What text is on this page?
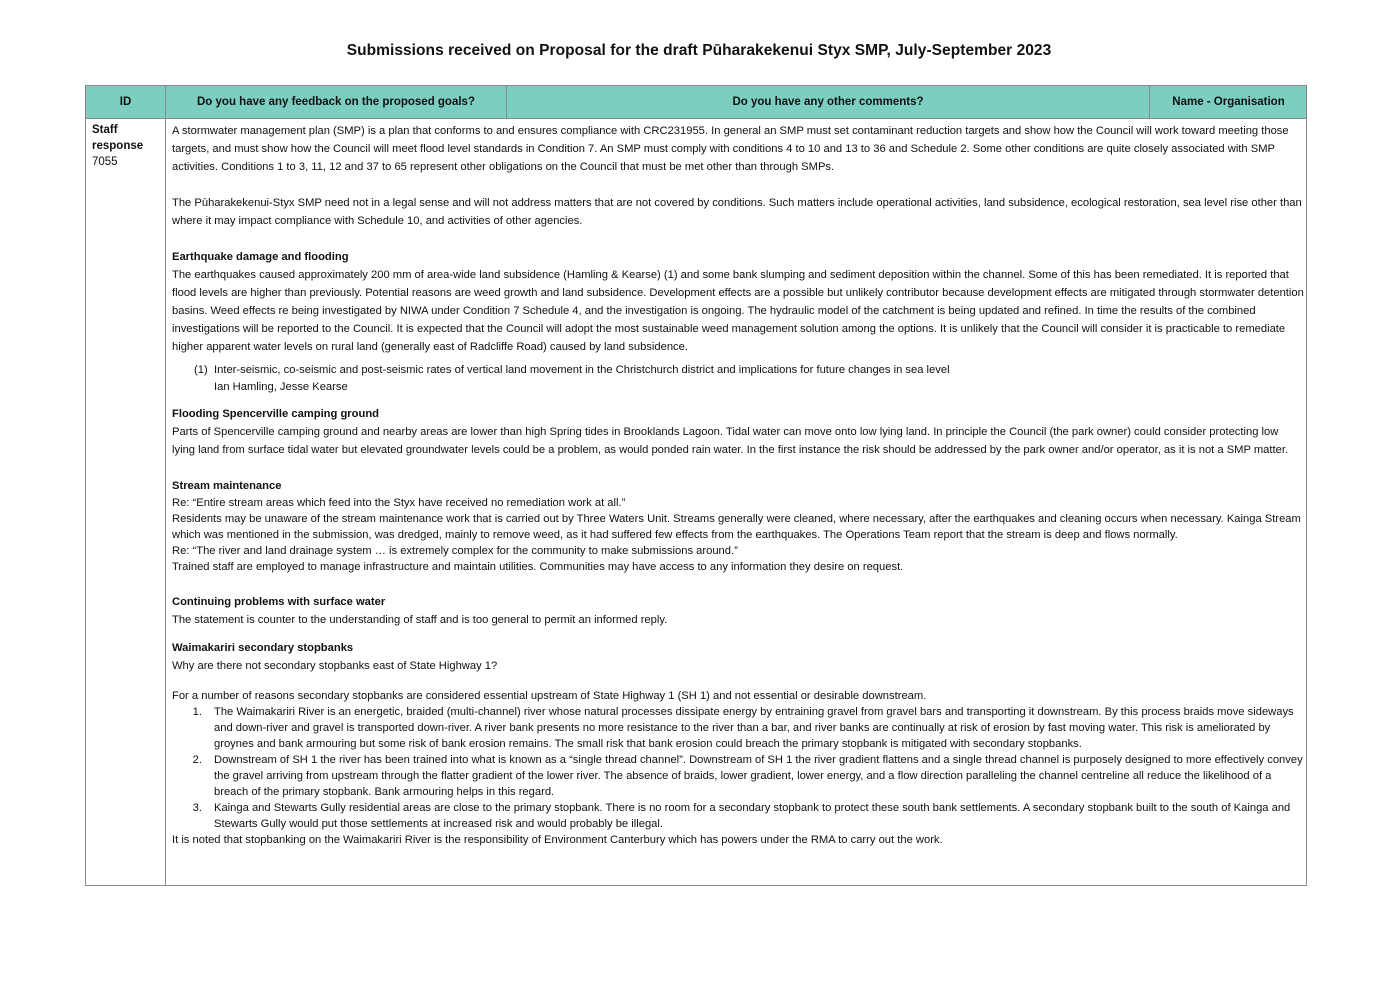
Submissions received on Proposal for the draft Pūharakekenui Styx SMP, July-September 2023
ID	Do you have any feedback on the proposed goals?	Do you have any other comments?	Name - Organisation
Staff
response
7055

A stormwater management plan (SMP) is a plan that conforms to and ensures compliance with CRC231955. In general an SMP must set contaminant reduction targets and show how the Council will work toward meeting those targets, and must show how the Council will meet flood level standards in Condition 7. An SMP must comply with conditions 4 to 10 and 13 to 36 and Schedule 2. Some other conditions are quite closely associated with SMP activities. Conditions 1 to 3, 11, 12 and 37 to 65 represent other obligations on the Council that must be met other than through SMPs.

The Pūharakekenui-Styx SMP need not in a legal sense and will not address matters that are not covered by conditions. Such matters include operational activities, land subsidence, ecological restoration, sea level rise other than where it may impact compliance with Schedule 10, and activities of other agencies.

Earthquake damage and flooding

The earthquakes caused approximately 200 mm of area-wide land subsidence (Hamling & Kearse) (1) and some bank slumping and sediment deposition within the channel. Some of this has been remediated. It is reported that flood levels are higher than previously. Potential reasons are weed growth and land subsidence. Development effects are a possible but unlikely contributor because development effects are mitigated through stormwater detention basins. Weed effects re being investigated by NIWA under Condition 7 Schedule 4, and the investigation is ongoing. The hydraulic model of the catchment is being updated and refined. In time the results of the combined investigations will be reported to the Council. It is expected that the Council will adopt the most sustainable weed management solution among the options. It is unlikely that the Council will consider it is practicable to remediate higher apparent water levels on rural land (generally east of Radcliffe Road) caused by land subsidence.

(1) Inter-seismic, co-seismic and post-seismic rates of vertical land movement in the Christchurch district and implications for future changes in sea level
Ian Hamling, Jesse Kearse

Flooding Spencerville camping ground

Parts of Spencerville camping ground and nearby areas are lower than high Spring tides in Brooklands Lagoon. Tidal water can move onto low lying land. In principle the Council (the park owner) could consider protecting low lying land from surface tidal water but elevated groundwater levels could be a problem, as would ponded rain water. In the first instance the risk should be addressed by the park owner and/or operator, as it is not a SMP matter.

Stream maintenance

Re: “Entire stream areas which feed into the Styx have received no remediation work at all.”

Residents may be unaware of the stream maintenance work that is carried out by Three Waters Unit. Streams generally were cleaned, where necessary, after the earthquakes and cleaning occurs when necessary. Kainga Stream which was mentioned in the submission, was dredged, mainly to remove weed, as it had suffered few effects from the earthquakes. The Operations Team report that the stream is deep and flows normally.

Re: “The river and land drainage system … is extremely complex for the community to make submissions around.”

Trained staff are employed to manage infrastructure and maintain utilities. Communities may have access to any information they desire on request.

Continuing problems with surface water

The statement is counter to the understanding of staff and is too general to permit an informed reply.

Waimakariri secondary stopbanks

Why are there not secondary stopbanks east of State Highway 1?

For a number of reasons secondary stopbanks are considered essential upstream of State Highway 1 (SH 1) and not essential or desirable downstream.

1.	The Waimakariri River is an energetic, braided (multi-channel) river whose natural processes dissipate energy by entraining gravel from gravel bars and transporting it downstream. By this process braids move sideways and down-river and gravel is transported down-river. A river bank presents no more resistance to the river than a bar, and river banks are continually at risk of erosion by fast moving water. This risk is ameliorated by groynes and bank armouring but some risk of bank erosion remains. The small risk that bank erosion could breach the primary stopbank is mitigated with secondary stopbanks.
2.	Downstream of SH 1 the river has been trained into what is known as a “single thread channel”. Downstream of SH 1 the river gradient flattens and a single thread channel is purposely designed to more effectively convey the gravel arriving from upstream through the flatter gradient of the lower river. The absence of braids, lower gradient, lower energy, and a flow direction paralleling the channel centreline all reduce the likelihood of a breach of the primary stopbank. Bank armouring helps in this regard.
3.	Kainga and Stewarts Gully residential areas are close to the primary stopbank. There is no room for a secondary stopbank to protect these south bank settlements. A secondary stopbank built to the south of Kainga and Stewarts Gully would put those settlements at increased risk and would probably be illegal.

It is noted that stopbanking on the Waimakariri River is the responsibility of Environment Canterbury which has powers under the RMA to carry out the work.
